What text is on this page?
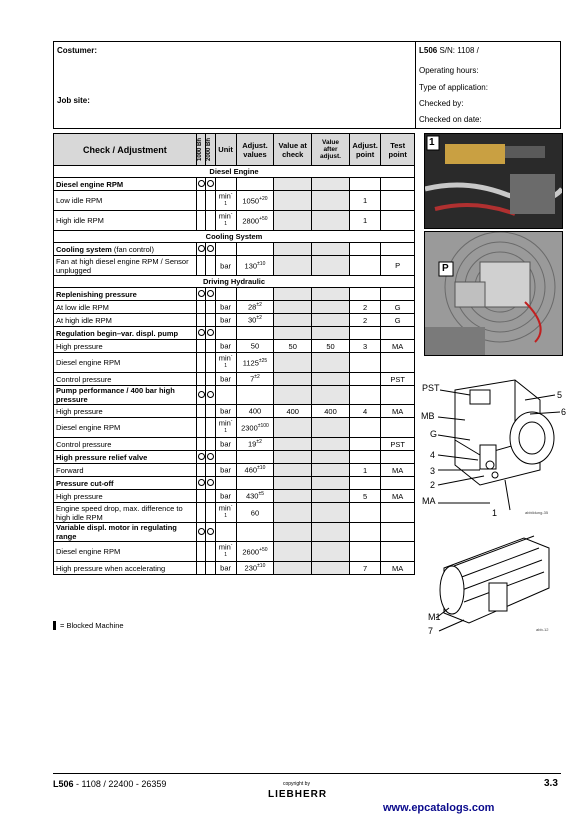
Costumer:
Job site:
L506 S/N: 1108 /
Operating hours:
Type of application:
Checked by:
Checked on date:
Check / Adjustment	1000 Bh	2000 Bh	Unit	Adjust. values	Value at check	Value after adjust.	Adjust. point	Test point
Diesel Engine								
Diesel engine RPM								
Low idle RPM			$\min^{-1}$	$1050^{+20}$			1	
High idle RPM			$\min^{-1}$	$2800^{+50}$			1	
Cooling System								
Cooling system (fan control)								
Fan at high diesel engine RPM / Sensor unplugged			bar	$130^{\pm 10}$				P
Driving Hydraulic								
Replenishing pressure								
At low idle RPM			bar	$28^{\pm 2}$			2	G
At high idle RPM			bar	$30^{\pm 2}$			2	G
Regulation begin–var. displ. pump								
High pressure			bar	50	50	50	3	MA
Diesel engine RPM			$\min^{-1}$	$1125^{\pm 25}$				
Control pressure			bar	$7^{\pm 2}$				PST
Pump performance / 400 bar high pressure								
High pressure			bar	400	400	400	4	MA
Diesel engine RPM			$\min^{-1}$	$2300^{\pm 100}$				
Control pressure			bar	$19^{\pm 2}$				PST
High pressure relief valve								
Forward			bar	$460^{\pm 10}$			1	MA
Pressure cut-off								
High pressure			bar	$430^{\pm 5}$			5	MA
Engine speed drop, max. difference to high idle RPM			$\min^{-1}$	60				
Variable displ. motor in regulating range								
Diesel engine RPM			$\min^{-1}$	$2600^{+50}$				
High pressure when accelerating			bar	$230^{\pm 10}$			7	MA
= Blocked Machine
1
P
PST
5
MB	6
G
4
3
2
MA
1	abbildung-35
M1
7	abb-12
L506 - 1108 / 22400 - 26359	copyright by
LIEBHERR
3.3
www.epcatalogs.com
